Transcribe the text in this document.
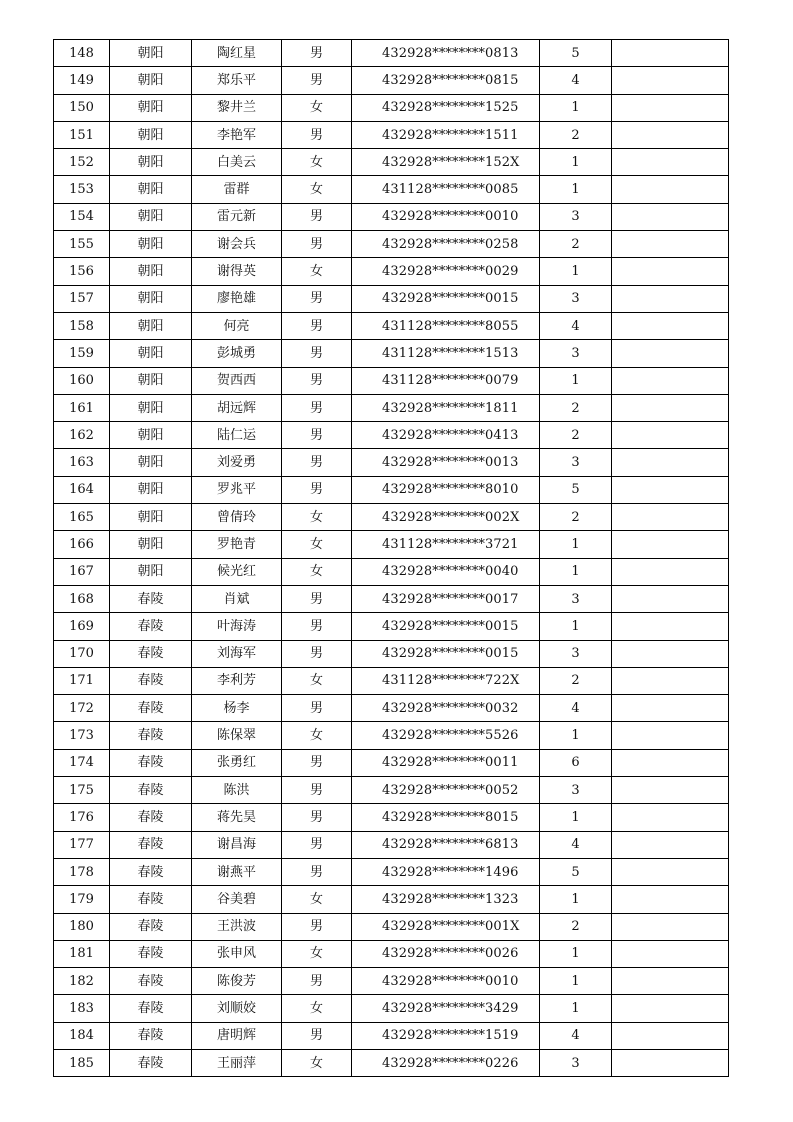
148	朝阳	陶红星	男	432928********0813	5	
149	朝阳	郑乐平	男	432928********0815	4	
150	朝阳	黎井兰	女	432928********1525	1	
151	朝阳	李艳军	男	432928********1511	2	
152	朝阳	白美云	女	432928********152X	1	
153	朝阳	雷群	女	431128********0085	1	
154	朝阳	雷元新	男	432928********0010	3	
155	朝阳	谢会兵	男	432928********0258	2	
156	朝阳	谢得英	女	432928********0029	1	
157	朝阳	廖艳雄	男	432928********0015	3	
158	朝阳	何亮	男	431128********8055	4	
159	朝阳	彭城勇	男	431128********1513	3	
160	朝阳	贺西西	男	431128********0079	1	
161	朝阳	胡远辉	男	432928********1811	2	
162	朝阳	陆仁运	男	432928********0413	2	
163	朝阳	刘爱勇	男	432928********0013	3	
164	朝阳	罗兆平	男	432928********8010	5	
165	朝阳	曾倩玲	女	432928********002X	2	
166	朝阳	罗艳青	女	431128********3721	1	
167	朝阳	候光红	女	432928********0040	1	
168	春陵	肖斌	男	432928********0017	3	
169	春陵	叶海涛	男	432928********0015	1	
170	春陵	刘海军	男	432928********0015	3	
171	春陵	李利芳	女	431128********722X	2	
172	春陵	杨李	男	432928********0032	4	
173	春陵	陈保翠	女	432928********5526	1	
174	春陵	张勇红	男	432928********0011	6	
175	春陵	陈洪	男	432928********0052	3	
176	春陵	蒋先昊	男	432928********8015	1	
177	春陵	谢昌海	男	432928********6813	4	
178	春陵	谢燕平	男	432928********1496	5	
179	春陵	谷美碧	女	432928********1323	1	
180	春陵	王洪波	男	432928********001X	2	
181	春陵	张申风	女	432928********0026	1	
182	春陵	陈俊芳	男	432928********0010	1	
183	春陵	刘顺姣	女	432928********3429	1	
184	春陵	唐明辉	男	432928********1519	4	
185	春陵	王丽萍	女	432928********0226	3	
